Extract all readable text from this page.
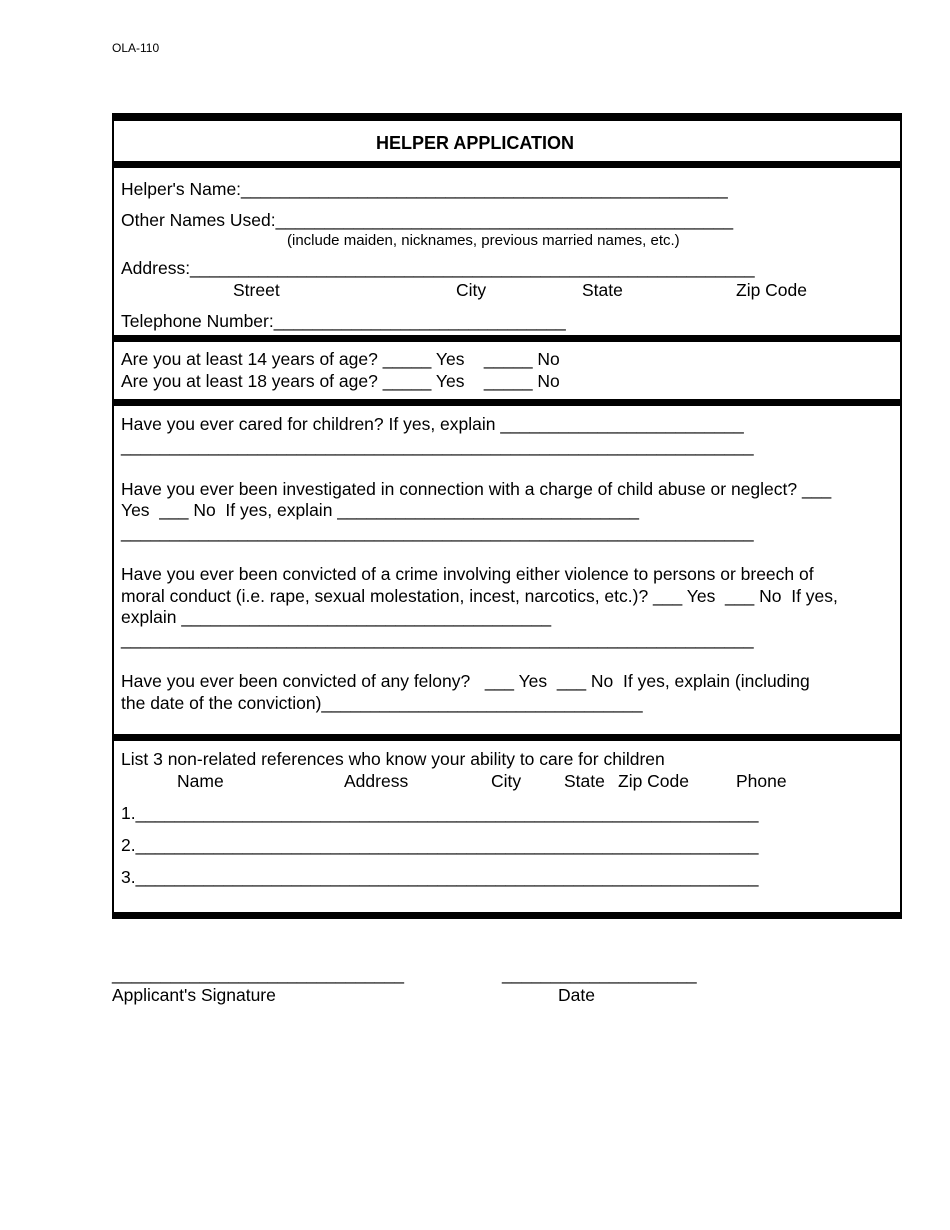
OLA-110
HELPER APPLICATION
Helper's Name:__________________________________________________
Other Names Used:_______________________________________________
(include maiden, nicknames, previous married names, etc.)
Address:__________________________________________________________
Street	City	State	Zip Code
Telephone Number:______________________________
Are you at least 14 years of age? _____ Yes    _____ No
Are you at least 18 years of age? _____ Yes    _____ No
Have you ever cared for children? If yes, explain _________________________
_________________________________________________________________
Have you ever been investigated in connection with a charge of child abuse or neglect? ___
Yes  ___ No  If yes, explain _______________________________
_________________________________________________________________
Have you ever been convicted of a crime involving either violence to persons or breech of
moral conduct (i.e. rape, sexual molestation, incest, narcotics, etc.)? ___ Yes  ___ No  If yes,
explain ______________________________________
_________________________________________________________________
Have you ever been convicted of any felony?   ___ Yes  ___ No  If yes, explain (including
the date of the conviction)_________________________________
List 3 non-related references who know your ability to care for children
Name	Address	City State Zip Code	Phone
1.________________________________________________________________
2.________________________________________________________________
3.________________________________________________________________
______________________________	____________________
Applicant's Signature	Date
